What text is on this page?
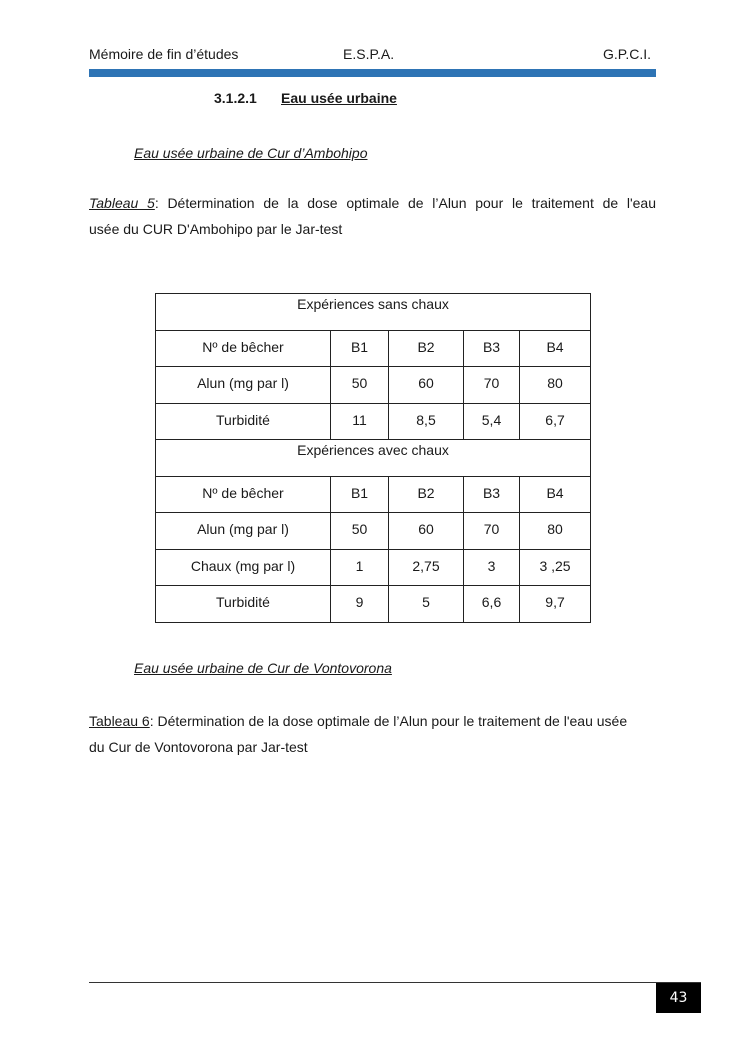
Mémoire de fin d’études	E.S.P.A.	G.P.C.I.
3.1.2.1 Eau usée urbaine
Eau usée urbaine de Cur d’Ambohipo
Tableau 5: Détermination de la dose optimale de l’Alun pour le traitement de l'eau
usée du CUR D'Ambohipo par le Jar-test
Expériences sans chaux				
Nº de bêcher	B1	B2	B3	B4
Alun (mg par l)	50	60	70	80
Turbidité	11	8,5	5,4	6,7
Expériences avec chaux				
Nº de bêcher	B1	B2	B3	B4
Alun (mg par l)	50	60	70	80
Chaux (mg par l)	1	2,75	3	3 ,25
Turbidité	9	5	6,6	9,7
Eau usée urbaine de Cur de Vontovorona
Tableau 6: Détermination de la dose optimale de l’Alun pour le traitement de l'eau usée
du Cur de Vontovorona par Jar-test
43
